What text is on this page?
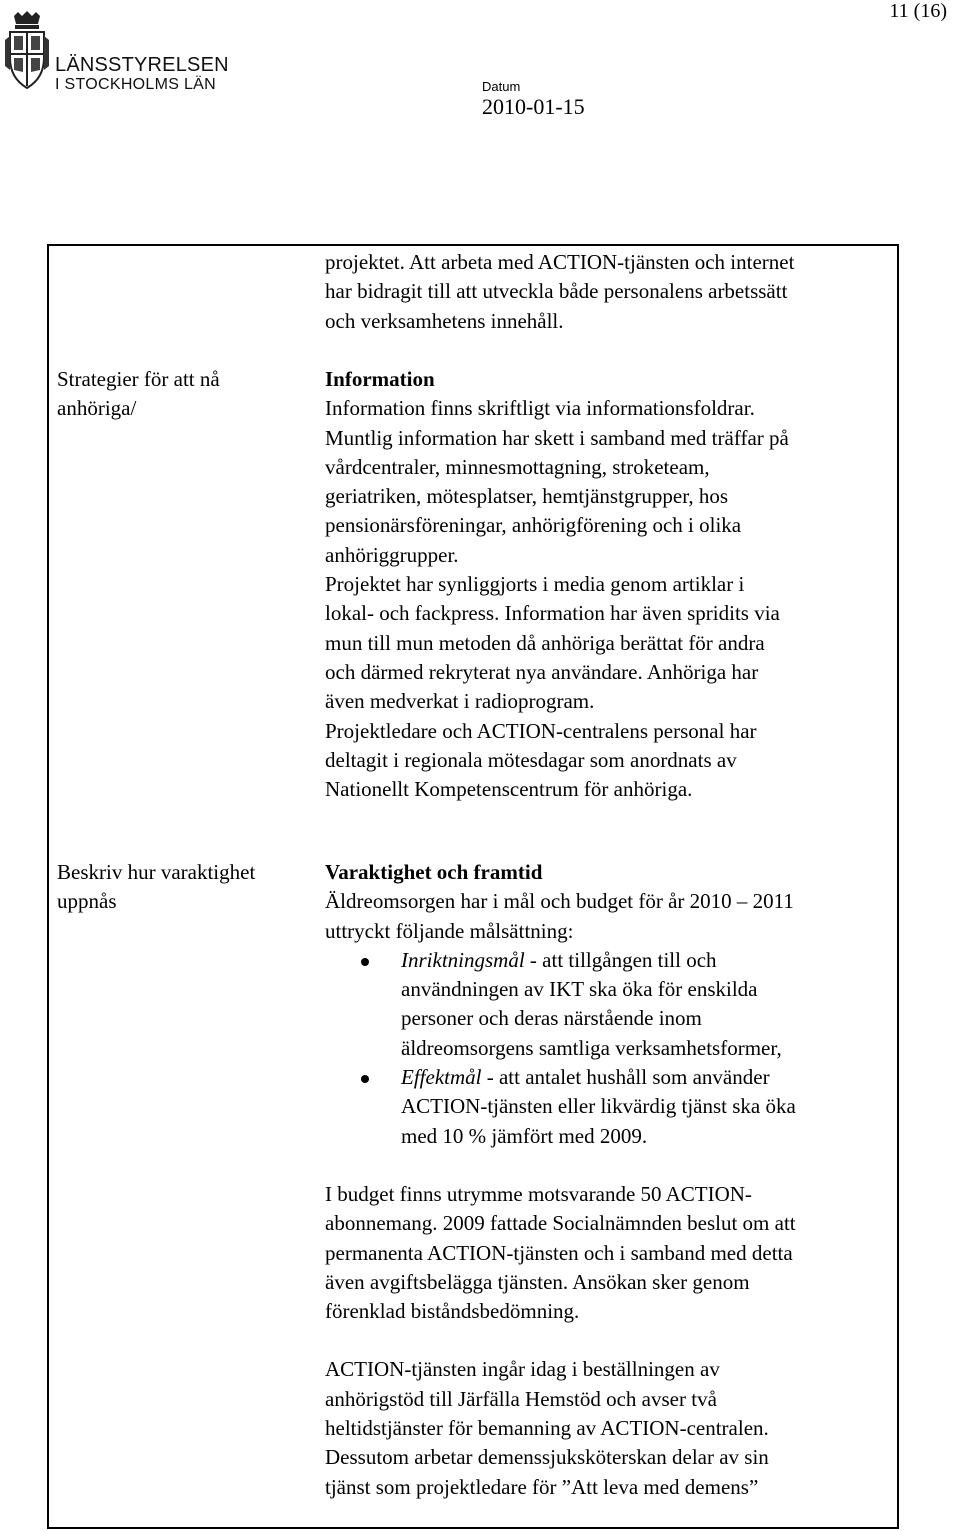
11 (16)
LÄNSSTYRELSEN
I STOCKHOLMS LÄN	Datum
2010-01-15

projektet. Att arbeta med ACTION-tjänsten och internet

har bidragit till att utveckla både personalens arbetssätt

och verksamhetens innehåll.

Strategier för att nå
anhöriga/

Information

Information finns skriftligt via informationsfoldrar.

Muntlig information har skett i samband med träffar på

vårdcentraler, minnesmottagning, stroketeam,

geriatriken, mötesplatser, hemtjänstgrupper, hos

pensionärsföreningar, anhörigförening och i olika

anhöriggrupper.

Projektet har synliggjorts i media genom artiklar i

lokal- och fackpress. Information har även spridits via

mun till mun metoden då anhöriga berättat för andra

och därmed rekryterat nya användare. Anhöriga har

även medverkat i radioprogram.

Projektledare och ACTION-centralens personal har

deltagit i regionala mötesdagar som anordnats av

Nationellt Kompetenscentrum för anhöriga.

Beskriv hur varaktighet
uppnås

Varaktighet och framtid

Äldreomsorgen har i mål och budget för år 2010 – 2011

uttryckt följande målsättning:

Inriktningsmål - att tillgången till och
användningen av IKT ska öka för enskilda
personer och deras närstående inom
äldreomsorgens samtliga verksamhetsformer,
Effektmål - att antalet hushåll som använder
ACTION-tjänsten eller likvärdig tjänst ska öka
med 10 % jämfört med 2009.

I budget finns utrymme motsvarande 50 ACTION-

abonnemang. 2009 fattade Socialnämnden beslut om att

permanenta ACTION-tjänsten och i samband med detta

även avgiftsbelägga tjänsten. Ansökan sker genom

förenklad biståndsbedömning.

ACTION-tjänsten ingår idag i beställningen av

anhörigstöd till Järfälla Hemstöd och avser två

heltidstjänster för bemanning av ACTION-centralen.

Dessutom arbetar demenssjuksköterskan delar av sin

tjänst som projektledare för ”Att leva med demens”
